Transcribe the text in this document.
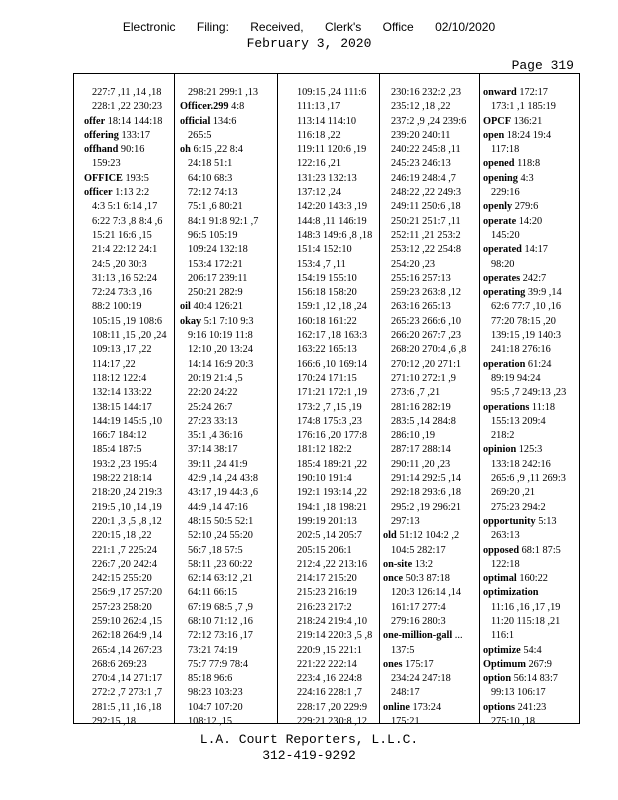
Electronic Filing: Received, Clerk's Office 02/10/2020
February 3, 2020
Page 319
227:7 ,11 ,14 ,18
228:1 ,22 230:23
offer 18:14 144:18
offering 133:17
offhand 90:16
159:23
OFFICE 193:5
officer 1:13 2:2
4:3 5:1 6:14 ,17
6:22 7:3 ,8 8:4 ,6
15:21 16:6 ,15
21:4 22:12 24:1
24:5 ,20 30:3
31:13 ,16 52:24
72:24 73:3 ,16
88:2 100:19
105:15 ,19 108:6
108:11 ,15 ,20 ,24
109:13 ,17 ,22
114:17 ,22
118:12 122:4
132:14 133:22
138:15 144:17
144:19 145:5 ,10
166:7 184:12
185:4 187:5
193:2 ,23 195:4
198:22 218:14
218:20 ,24 219:3
219:5 ,10 ,14 ,19
220:1 ,3 ,5 ,8 ,12
220:15 ,18 ,22
221:1 ,7 225:24
226:7 ,20 242:4
242:15 255:20
256:9 ,17 257:20
257:23 258:20
259:10 262:4 ,15
262:18 264:9 ,14
265:4 ,14 267:23
268:6 269:23
270:4 ,14 271:17
272:2 ,7 273:1 ,7
281:5 ,11 ,16 ,18
292:15 ,18
298:21 299:1 ,13
Officer.299 4:8
official 134:6
265:5
oh 6:15 ,22 8:4
24:18 51:1
64:10 68:3
72:12 74:13
75:1 ,6 80:21
84:1 91:8 92:1 ,7
96:5 105:19
109:24 132:18
153:4 172:21
206:17 239:11
250:21 282:9
oil 40:4 126:21
okay 5:1 7:10 9:3
9:16 10:19 11:8
12:10 ,20 13:24
14:14 16:9 20:3
20:19 21:4 ,5
22:20 24:22
25:24 26:7
27:23 33:13
35:1 ,4 36:16
37:14 38:17
39:11 ,24 41:9
42:9 ,14 ,24 43:8
43:17 ,19 44:3 ,6
44:9 ,14 47:16
48:15 50:5 52:1
52:10 ,24 55:20
56:7 ,18 57:5
58:11 ,23 60:22
62:14 63:12 ,21
64:11 66:15
67:19 68:5 ,7 ,9
68:10 71:12 ,16
72:12 73:16 ,17
73:21 74:19
75:7 77:9 78:4
85:18 96:6
98:23 103:23
104:7 107:20
108:12 ,15
109:15 ,24 111:6
111:13 ,17
113:14 114:10
116:18 ,22
119:11 120:6 ,19
122:16 ,21
131:23 132:13
137:12 ,24
142:20 143:3 ,19
144:8 ,11 146:19
148:3 149:6 ,8 ,18
151:4 152:10
153:4 ,7 ,11
154:19 155:10
156:18 158:20
159:1 ,12 ,18 ,24
160:18 161:22
162:17 ,18 163:3
163:22 165:13
166:6 ,10 169:14
170:24 171:15
171:21 172:1 ,19
173:2 ,7 ,15 ,19
174:8 175:3 ,23
176:16 ,20 177:8
181:12 182:2
185:4 189:21 ,22
190:10 191:4
192:1 193:14 ,22
194:1 ,18 198:21
199:19 201:13
202:5 ,14 205:7
205:15 206:1
212:4 ,22 213:16
214:17 215:20
215:23 216:19
216:23 217:2
218:24 219:4 ,10
219:14 220:3 ,5 ,8
220:9 ,15 221:1
221:22 222:14
223:4 ,16 224:8
224:16 228:1 ,7
228:17 ,20 229:9
229:21 230:8 ,12
230:16 232:2 ,23
235:12 ,18 ,22
237:2 ,9 ,24 239:6
239:20 240:11
240:22 245:8 ,11
245:23 246:13
246:19 248:4 ,7
248:22 ,22 249:3
249:11 250:6 ,18
250:21 251:7 ,11
252:11 ,21 253:2
253:12 ,22 254:8
254:20 ,23
255:16 257:13
259:23 263:8 ,12
263:16 265:13
265:23 266:6 ,10
266:20 267:7 ,23
268:20 270:4 ,6 ,8
270:12 ,20 271:1
271:10 272:1 ,9
273:6 ,7 ,21
281:16 282:19
283:5 ,14 284:8
286:10 ,19
287:17 288:14
290:11 ,20 ,23
291:14 292:5 ,14
292:18 293:6 ,18
295:2 ,19 296:21
297:13
old 51:12 104:2 ,2
104:5 282:17
on-site 13:2
once 50:3 87:18
120:3 126:14 ,14
161:17 277:4
279:16 280:3
one-million-gall ...
137:5
ones 175:17
234:24 247:18
248:17
online 173:24
175:21
onward 172:17
173:1 ,1 185:19
OPCF 136:21
open 18:24 19:4
117:18
opened 118:8
opening 4:3
229:16
openly 279:6
operate 14:20
145:20
operated 14:17
98:20
operates 242:7
operating 39:9 ,14
62:6 77:7 ,10 ,16
77:20 78:15 ,20
139:15 ,19 140:3
241:18 276:16
operation 61:24
89:19 94:24
95:5 ,7 249:13 ,23
operations 11:18
155:13 209:4
218:2
opinion 125:3
133:18 242:16
265:6 ,9 ,11 269:3
269:20 ,21
275:23 294:2
opportunity 5:13
263:13
opposed 68:1 87:5
122:18
optimal 160:22
optimization
11:16 ,16 ,17 ,19
11:20 115:18 ,21
116:1
optimize 54:4
Optimum 267:9
option 56:14 83:7
99:13 106:17
options 241:23
275:10 ,18
L.A. Court Reporters, L.L.C.
312-419-9292
